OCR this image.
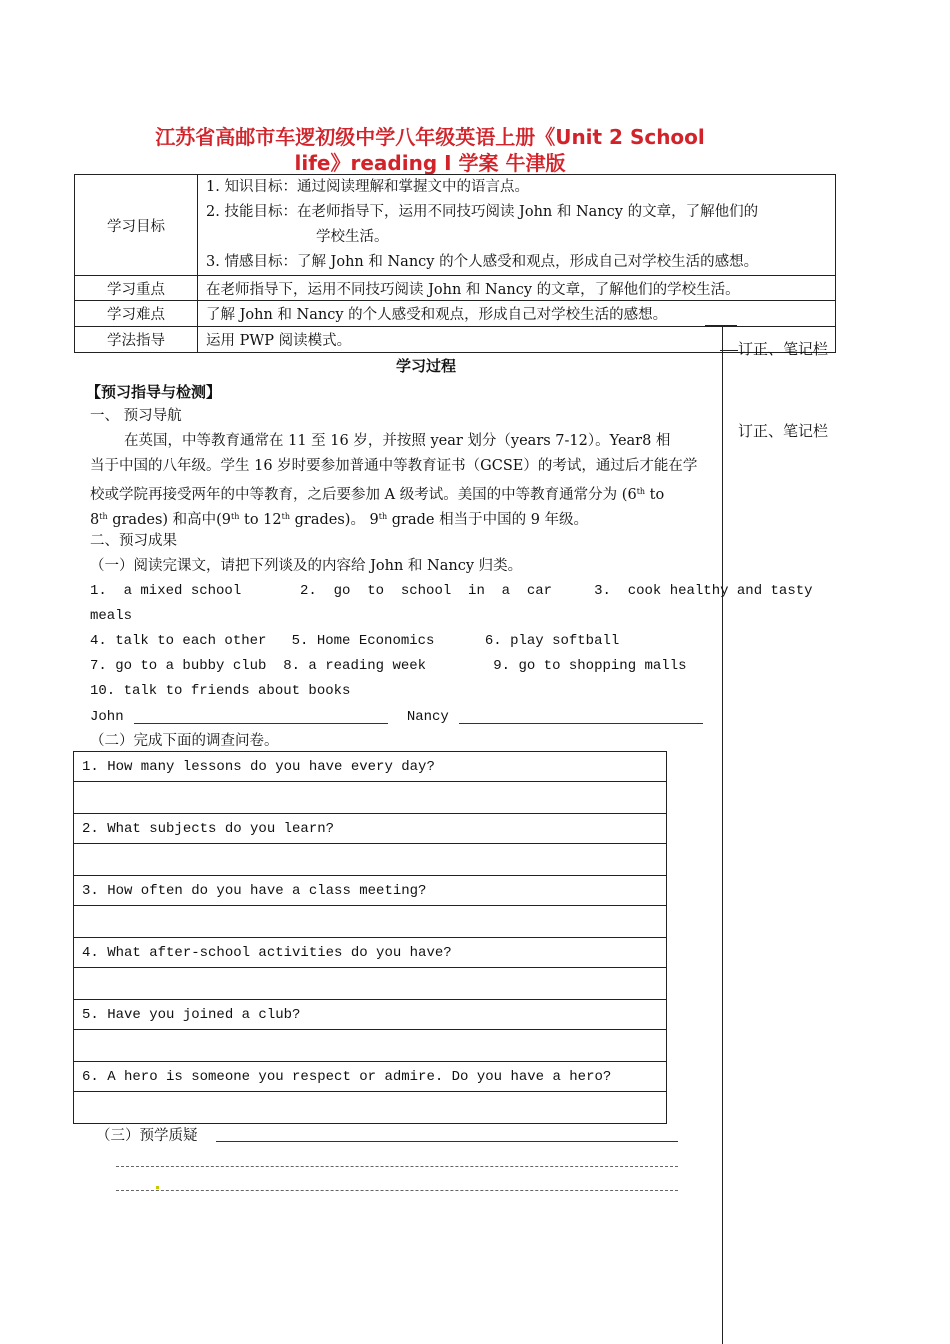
江苏省高邮市车逻初级中学八年级英语上册《Unit 2 School
life》reading I 学案 牛津版
学习目标	1. 知识目标：通过阅读理解和掌握文中的语言点。
2. 技能目标：在老师指导下，运用不同技巧阅读 John 和 Nancy 的文章，了解他们的
学校生活。
3. 情感目标：了解 John 和 Nancy 的个人感受和观点，形成自己对学校生活的感想。

学习重点	在老师指导下，运用不同技巧阅读 John 和 Nancy 的文章，了解他们的学校生活。
学习难点	了解 John 和 Nancy 的个人感受和观点，形成自己对学校生活的感想。
学法指导	运用 PWP 阅读模式。	订正、笔记栏
订正、笔记栏
学习过程
【预习指导与检测】
一、 预习导航
在英国，中等教育通常在 11 至 16 岁，并按照 year 划分（years 7-12）。Year8 相
当于中国的八年级。学生 16 岁时要参加普通中等教育证书（GCSE）的考试，通过后才能在学
校或学院再接受两年的中等教育，之后要参加 A 级考试。美国的中等教育通常分为 (6th to
8th grades) 和高中(9th to 12th grades)。 9th grade 相当于中国的 9 年级。
二、预习成果
（一）阅读完课文，请把下列谈及的内容给 John 和 Nancy 归类。
1.  a mixed school       2.  go  to  school  in  a  car     3.  cook healthy and tasty
meals
4. talk to each other   5. Home Economics      6. play softball
7. go to a bubby club  8. a reading week        9. go to shopping malls
10. talk to friends about books
John	Nancy
（二）完成下面的调查问卷。
1. How many lessons do you have every day?

2. What subjects do you learn?

3. How often do you have a class meeting?

4. What after-school activities do you have?

5. Have you joined a club?

6. A hero is someone you respect or admire. Do you have a hero?

（三）预学质疑
